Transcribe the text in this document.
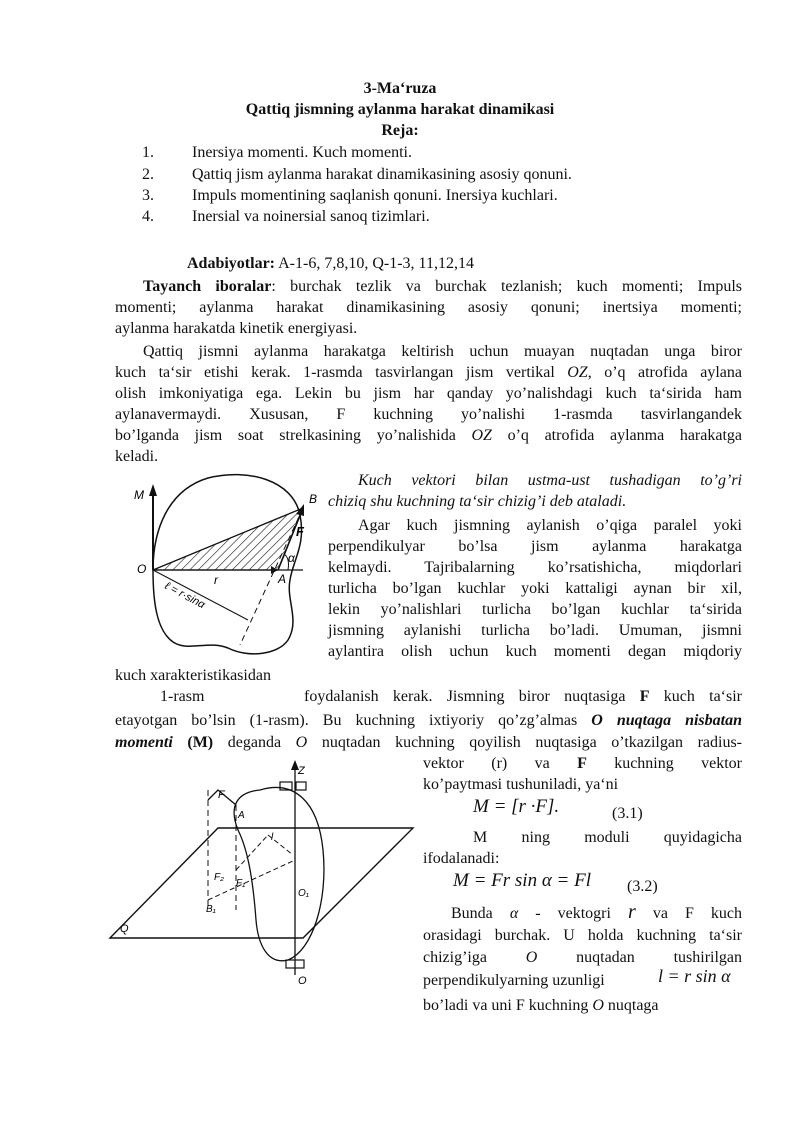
3-Ma‘ruza
Qattiq jismning aylanma harakat dinamikasi
Reja:
1. Inersiya momenti. Kuch momenti.
2. Qattiq jism aylanma harakat dinamikasining asosiy qonuni.
3. Impuls momentining saqlanish qonuni. Inersiya kuchlari.
4. Inersial va noinersial sanoq tizimlari.
Adabiyotlar: A-1-6, 7,8,10, Q-1-3, 11,12,14
Tayanch iboralar: burchak tezlik va burchak tezlanish; kuch momenti; Impuls
momenti; aylanma harakat dinamikasining asosiy qonuni; inertsiya momenti;
aylanma harakatda kinetik energiyasi.
Qattiq jismni aylanma harakatga keltirish uchun muayan nuqtadan unga biror
kuch ta‘sir etishi kerak. 1-rasmda tasvirlangan jism vertikal OZ, o’q atrofida aylana
olish imkoniyatiga ega. Lekin bu jism har qanday yo’nalishdagi kuch ta‘sirida ham
aylanavermaydi. Xususan, F kuchning yo’nalishi 1-rasmda tasvirlangandek
bo’lganda jism soat strelkasining yo’nalishida OZ o’q atrofida aylanma harakatga
keladi.
M	B
F
α
O
r	A
ℓ = r·sinα
Kuch vektori bilan ustma-ust tushadigan to’g’ri
chiziq shu kuchning ta‘sir chizig’i deb ataladi.
Agar kuch jismning aylanish o’qiga paralel yoki
perpendikulyar bo’lsa jism aylanma harakatga
kelmaydi. Tajribalarning ko’rsatishicha, miqdorlari
turlicha bo’lgan kuchlar yoki kattaligi aynan bir xil,
lekin yo’nalishlari turlicha bo’lgan kuchlar ta‘sirida
jismning aylanishi turlicha bo’ladi. Umuman, jismni
aylantira olish uchun kuch momenti degan miqdoriy
kuch xarakteristikasidan
1-rasm	foydalanish kerak. Jismning biror nuqtasiga F kuch ta‘sir
etayotgan bo’lsin (1-rasm). Bu kuchning ixtiyoriy qo’zg’almas O nuqtaga nisbatan
momenti (M) deganda O nuqtadan kuchning qoyilish nuqtasiga o’tkazilgan radius-
vektor (r) va F kuchning vektor
ko’paytmasi tushuniladi, ya‘ni
M = [r ·F].	(3.1)
M ning moduli quyidagicha
ifodalanadi:
M = Fr sin α = Fl (3.2)
Bunda α - vektogri r va F kuch
orasidagi burchak. U holda kuchning ta‘sir
chizig’iga O nuqtadan tushirilgan
perpendikulyarning uzunligi	l = r sin α
bo’ladi va uni F kuchning O nuqtaga
Z
F
A
l
F₂
F₁
O₁
B₁
Q
O
